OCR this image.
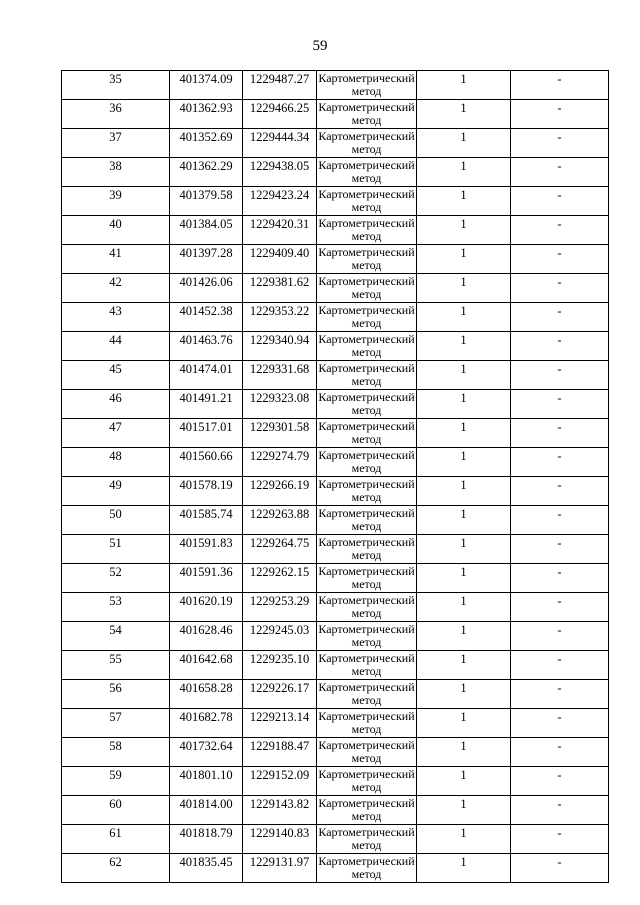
59
35	401374.09	1229487.27	Картометрический метод	1	-
36	401362.93	1229466.25	Картометрический метод	1	-
37	401352.69	1229444.34	Картометрический метод	1	-
38	401362.29	1229438.05	Картометрический метод	1	-
39	401379.58	1229423.24	Картометрический метод	1	-
40	401384.05	1229420.31	Картометрический метод	1	-
41	401397.28	1229409.40	Картометрический метод	1	-
42	401426.06	1229381.62	Картометрический метод	1	-
43	401452.38	1229353.22	Картометрический метод	1	-
44	401463.76	1229340.94	Картометрический метод	1	-
45	401474.01	1229331.68	Картометрический метод	1	-
46	401491.21	1229323.08	Картометрический метод	1	-
47	401517.01	1229301.58	Картометрический метод	1	-
48	401560.66	1229274.79	Картометрический метод	1	-
49	401578.19	1229266.19	Картометрический метод	1	-
50	401585.74	1229263.88	Картометрический метод	1	-
51	401591.83	1229264.75	Картометрический метод	1	-
52	401591.36	1229262.15	Картометрический метод	1	-
53	401620.19	1229253.29	Картометрический метод	1	-
54	401628.46	1229245.03	Картометрический метод	1	-
55	401642.68	1229235.10	Картометрический метод	1	-
56	401658.28	1229226.17	Картометрический метод	1	-
57	401682.78	1229213.14	Картометрический метод	1	-
58	401732.64	1229188.47	Картометрический метод	1	-
59	401801.10	1229152.09	Картометрический метод	1	-
60	401814.00	1229143.82	Картометрический метод	1	-
61	401818.79	1229140.83	Картометрический метод	1	-
62	401835.45	1229131.97	Картометрический метод	1	-
